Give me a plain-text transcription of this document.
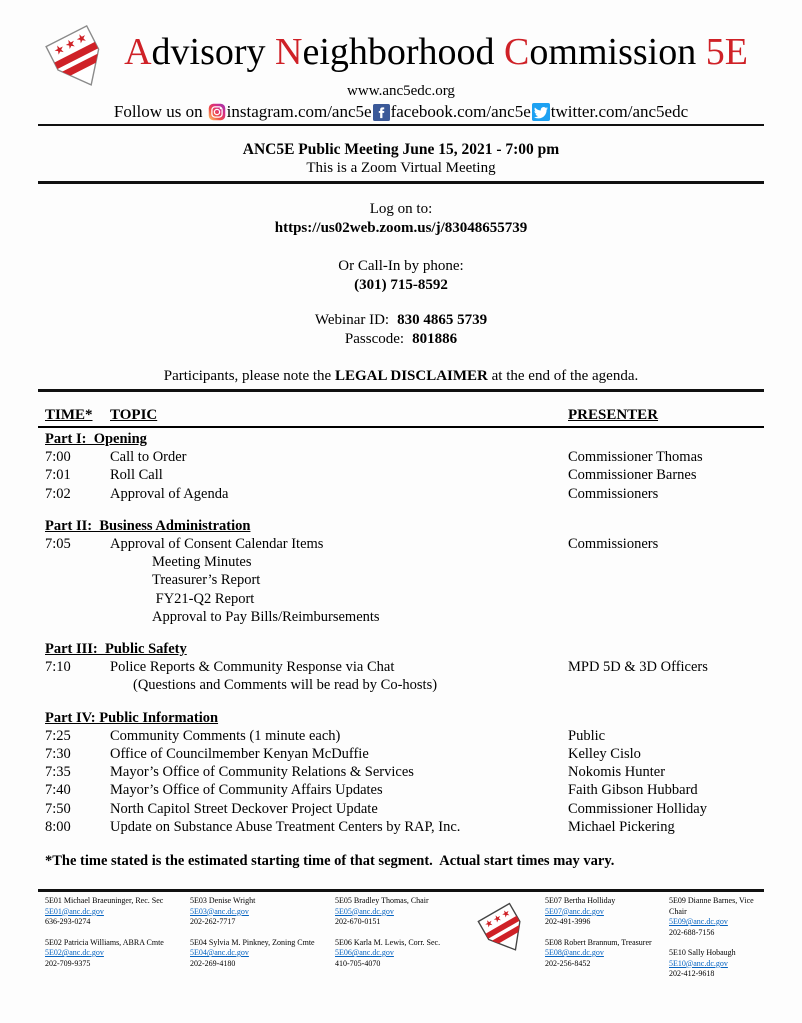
Advisory Neighborhood Commission 5E
www.anc5edc.org
Follow us on instagram.com/anc5e facebook.com/anc5e twitter.com/anc5edc
ANC5E Public Meeting June 15, 2021 - 7:00 pm
This is a Zoom Virtual Meeting
Log on to:
https://us02web.zoom.us/j/83048655739
Or Call-In by phone:
(301) 715-8592
Webinar ID: 830 4865 5739
Passcode: 801886
Participants, please note the LEGAL DISCLAIMER at the end of the agenda.
TIME*	TOPIC	PRESENTER
Part I:  Opening
7:00	Call to Order	Commissioner Thomas
7:01	Roll Call	Commissioner Barnes
7:02	Approval of Agenda	Commissioners
Part II:  Business Administration
7:05	Approval of Consent Calendar Items	Commissioners
Meeting Minutes
Treasurer’s Report
FY21-Q2 Report
Approval to Pay Bills/Reimbursements
Part III:  Public Safety
7:10	Police Reports & Community Response via Chat	MPD 5D & 3D Officers
(Questions and Comments will be read by Co-hosts)
Part IV: Public Information
7:25	Community Comments (1 minute each)	Public
7:30	Office of Councilmember Kenyan McDuffie	Kelley Cislo
7:35	Mayor’s Office of Community Relations & Services	Nokomis Hunter
7:40	Mayor’s Office of Community Affairs Updates	Faith Gibson Hubbard
7:50	North Capitol Street Deckover Project Update	Commissioner Holliday
8:00	Update on Substance Abuse Treatment Centers by RAP, Inc.	Michael Pickering
*The time stated is the estimated starting time of that segment.  Actual start times may vary.
5E01 Michael Braeuninger, Rec. Sec
5E01@anc.dc.gov
636-293-0274
5E02 Patricia Williams, ABRA Cmte
5E02@anc.dc.gov
202-709-9375
5E03 Denise Wright
5E03@anc.dc.gov
202-262-7717
5E04 Sylvia M. Pinkney, Zoning Cmte
5E04@anc.dc.gov
202-269-4180
5E05 Bradley Thomas, Chair
5E05@anc.dc.gov
202-670-0151
5E06 Karla M. Lewis, Corr. Sec.
5E06@anc.dc.gov
410-705-4070
5E07 Bertha Holliday
5E07@anc.dc.gov
202-491-3996
5E08 Robert Brannum, Treasurer
5E08@anc.dc.gov
202-256-8452
5E09 Dianne Barnes, Vice Chair
5E09@anc.dc.gov
202-688-7156
5E10 Sally Hobaugh
5E10@anc.dc.gov
202-412-9618
